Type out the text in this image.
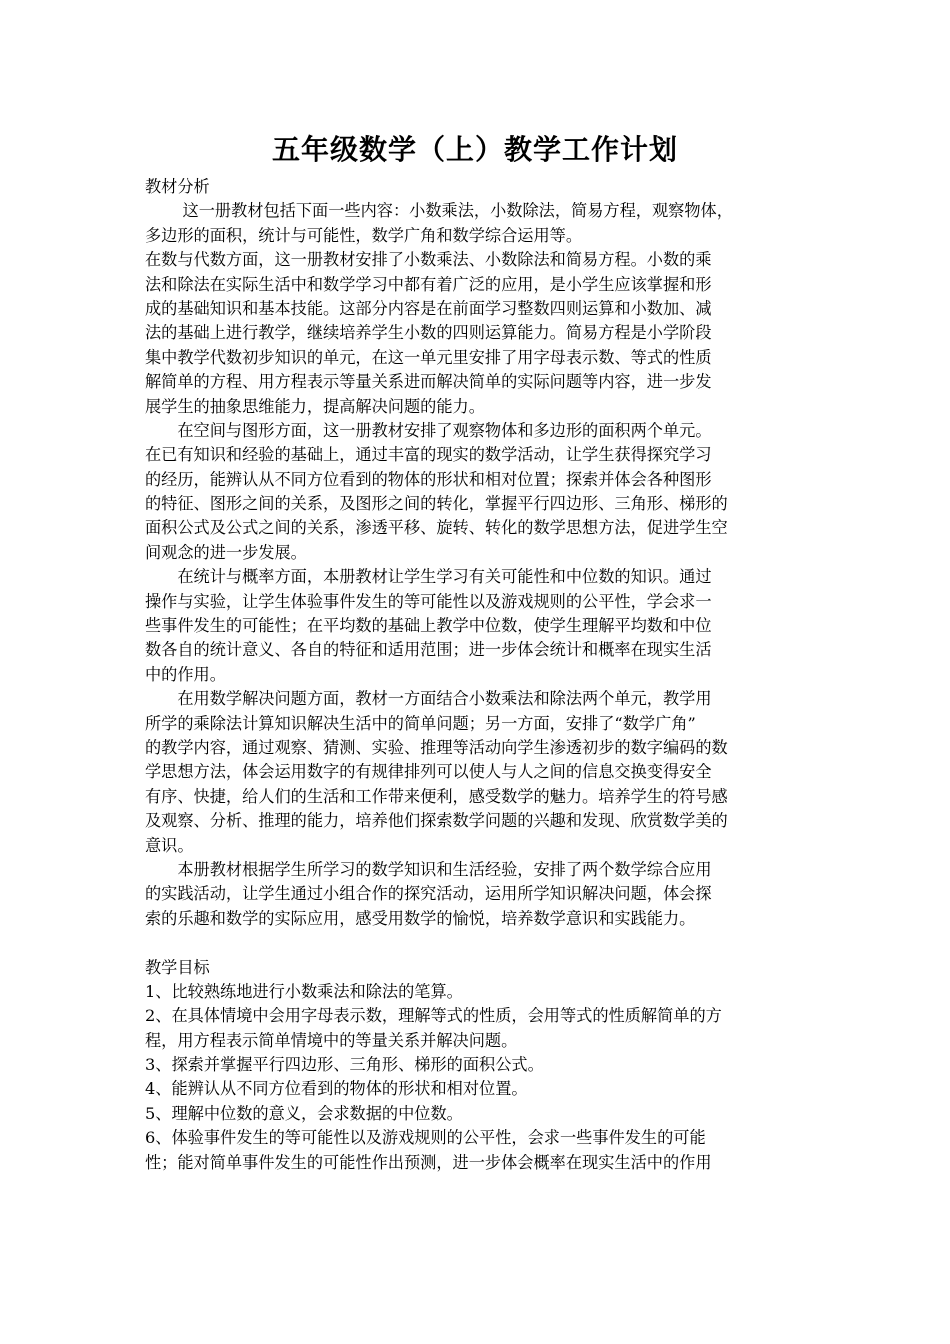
五年级数学（上）教学工作计划
教材分析
　　 这一册教材包括下面一些内容：小数乘法，小数除法，简易方程，观察物体，
多边形的面积，统计与可能性，数学广角和数学综合运用等。
在数与代数方面，这一册教材安排了小数乘法、小数除法和简易方程。小数的乘
法和除法在实际生活中和数学学习中都有着广泛的应用，是小学生应该掌握和形
成的基础知识和基本技能。这部分内容是在前面学习整数四则运算和小数加、减
法的基础上进行教学，继续培养学生小数的四则运算能力。简易方程是小学阶段
集中教学代数初步知识的单元，在这一单元里安排了用字母表示数、等式的性质
解简单的方程、用方程表示等量关系进而解决简单的实际问题等内容，进一步发
展学生的抽象思维能力，提高解决问题的能力。
　　在空间与图形方面，这一册教材安排了观察物体和多边形的面积两个单元。
在已有知识和经验的基础上，通过丰富的现实的数学活动，让学生获得探究学习
的经历，能辨认从不同方位看到的物体的形状和相对位置；探索并体会各种图形
的特征、图形之间的关系，及图形之间的转化，掌握平行四边形、三角形、梯形的
面积公式及公式之间的关系，渗透平移、旋转、转化的数学思想方法，促进学生空
间观念的进一步发展。
　　在统计与概率方面，本册教材让学生学习有关可能性和中位数的知识。通过
操作与实验，让学生体验事件发生的等可能性以及游戏规则的公平性，学会求一
些事件发生的可能性；在平均数的基础上教学中位数，使学生理解平均数和中位
数各自的统计意义、各自的特征和适用范围；进一步体会统计和概率在现实生活
中的作用。
　　在用数学解决问题方面，教材一方面结合小数乘法和除法两个单元，教学用
所学的乘除法计算知识解决生活中的简单问题；另一方面，安排了“数学广角”
的教学内容，通过观察、猜测、实验、推理等活动向学生渗透初步的数字编码的数
学思想方法，体会运用数字的有规律排列可以使人与人之间的信息交换变得安全
有序、快捷，给人们的生活和工作带来便利，感受数学的魅力。培养学生的符号感
及观察、分析、推理的能力，培养他们探索数学问题的兴趣和发现、欣赏数学美的
意识。
　　本册教材根据学生所学习的数学知识和生活经验，安排了两个数学综合应用
的实践活动，让学生通过小组合作的探究活动，运用所学知识解决问题，体会探
索的乐趣和数学的实际应用，感受用数学的愉悦，培养数学意识和实践能力。
教学目标
1、比较熟练地进行小数乘法和除法的笔算。
2、在具体情境中会用字母表示数，理解等式的性质，会用等式的性质解简单的方
程，用方程表示简单情境中的等量关系并解决问题。
3、探索并掌握平行四边形、三角形、梯形的面积公式。
4、能辨认从不同方位看到的物体的形状和相对位置。
5、理解中位数的意义，会求数据的中位数。
6、体验事件发生的等可能性以及游戏规则的公平性，会求一些事件发生的可能
性；能对简单事件发生的可能性作出预测，进一步体会概率在现实生活中的作用
